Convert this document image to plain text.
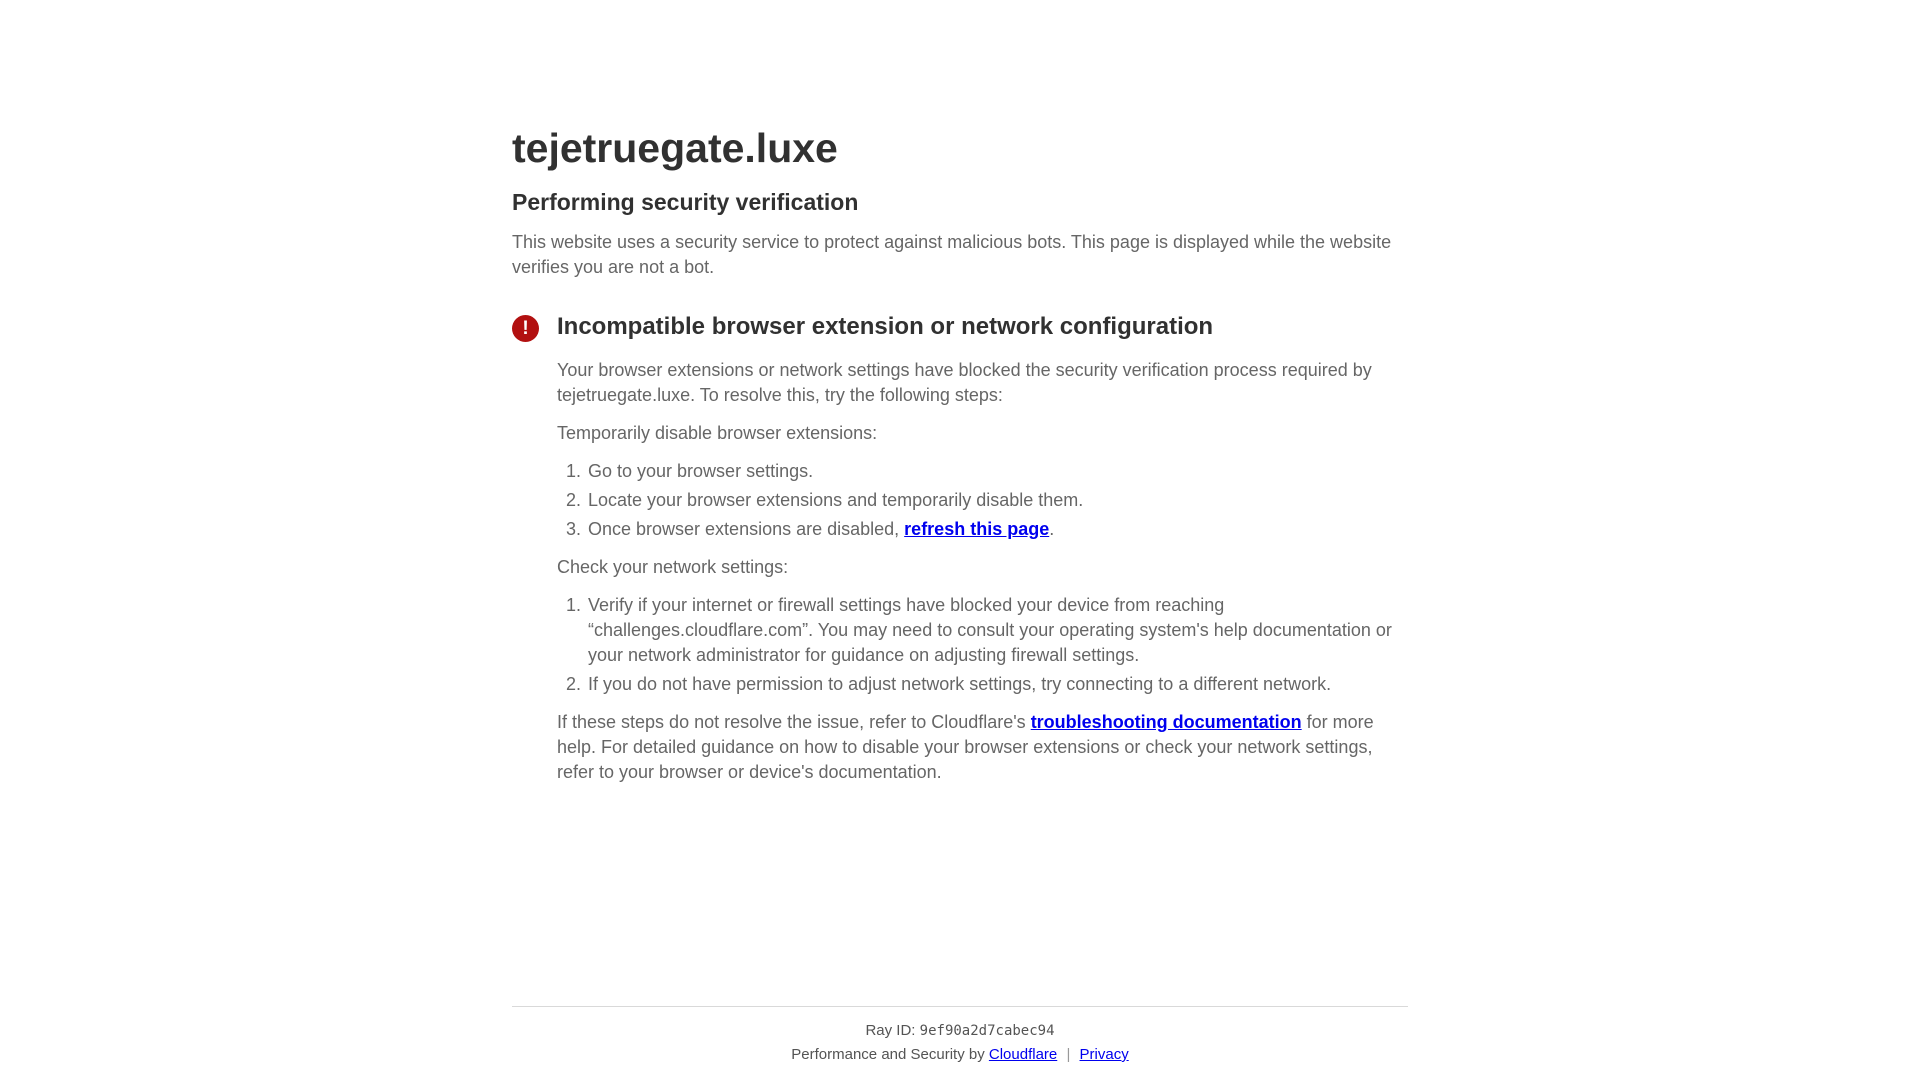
tejetruegate.luxe
Performing security verification

This website uses a security service to protect against malicious bots. This page is displayed while the website verifies you are not a bot.

!	Incompatible browser extension or network configuration

Your browser extensions or network settings have blocked the security verification process required by tejetruegate.luxe. To resolve this, try the following steps:

Temporarily disable browser extensions:

1. Go to your browser settings.
2. Locate your browser extensions and temporarily disable them.
3. Once browser extensions are disabled, refresh this page.

Check your network settings:

1. Verify if your internet or firewall settings have blocked your device from reaching “challenges.cloudflare.com”. You may need to consult your operating system's help documentation or your network administrator for guidance on adjusting firewall settings.
2. If you do not have permission to adjust network settings, try connecting to a different network.

If these steps do not resolve the issue, refer to Cloudflare's troubleshooting documentation for more help. For detailed guidance on how to disable your browser extensions or check your network settings, refer to your browser or device's documentation.

Ray ID: 9ef90a2d7cabec94
Performance and Security by Cloudflare | Privacy
